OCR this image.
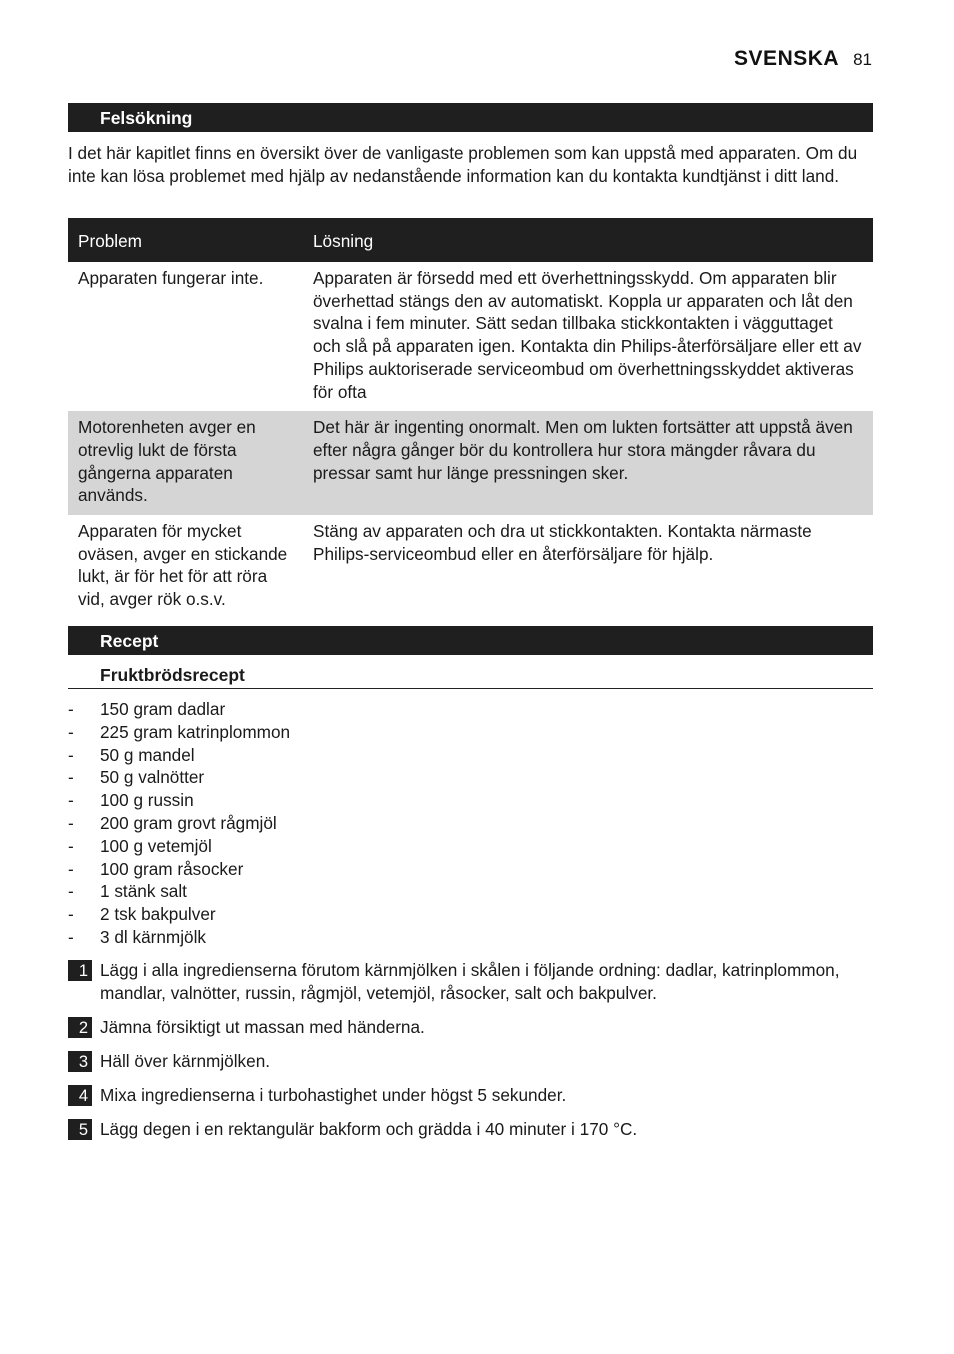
SVENSKA 81
Felsökning
I det här kapitlet finns en översikt över de vanligaste problemen som kan uppstå med apparaten. Om du inte kan lösa problemet med hjälp av nedanstående information kan du kontakta kundtjänst i ditt land.
Problem	Lösning
Apparaten fungerar inte.	Apparaten är försedd med ett överhettningsskydd. Om apparaten blir överhettad stängs den av automatiskt. Koppla ur apparaten och låt den svalna i fem minuter. Sätt sedan tillbaka stickkontakten i vägguttaget och slå på apparaten igen. Kontakta din Philips-återförsäljare eller ett av Philips auktoriserade serviceombud om överhettningsskyddet aktiveras för ofta
Motorenheten avger en otrevlig lukt de första gångerna apparaten används.	Det här är ingenting onormalt. Men om lukten fortsätter att uppstå även efter några gånger bör du kontrollera hur stora mängder råvara du pressar samt hur länge pressningen sker.
Apparaten för mycket oväsen, avger en stickande lukt, är för het för att röra vid, avger rök o.s.v.	Stäng av apparaten och dra ut stickkontakten. Kontakta närmaste Philips-serviceombud eller en återförsäljare för hjälp.
Recept
Fruktbrödsrecept
- 150 gram dadlar
- 225 gram katrinplommon
- 50 g mandel
- 50 g valnötter
- 100 g russin
- 200 gram grovt rågmjöl
- 100 g vetemjöl
- 100 gram råsocker
- 1 stänk salt
- 2 tsk bakpulver
- 3 dl kärnmjölk
1 Lägg i alla ingredienserna förutom kärnmjölken i skålen i följande ordning: dadlar, katrinplommon, mandlar, valnötter, russin, rågmjöl, vetemjöl, råsocker, salt och bakpulver.
2 Jämna försiktigt ut massan med händerna.
3 Häll över kärnmjölken.
4 Mixa ingredienserna i turbohastighet under högst 5 sekunder.
5 Lägg degen i en rektangulär bakform och grädda i 40 minuter i 170 °C.
